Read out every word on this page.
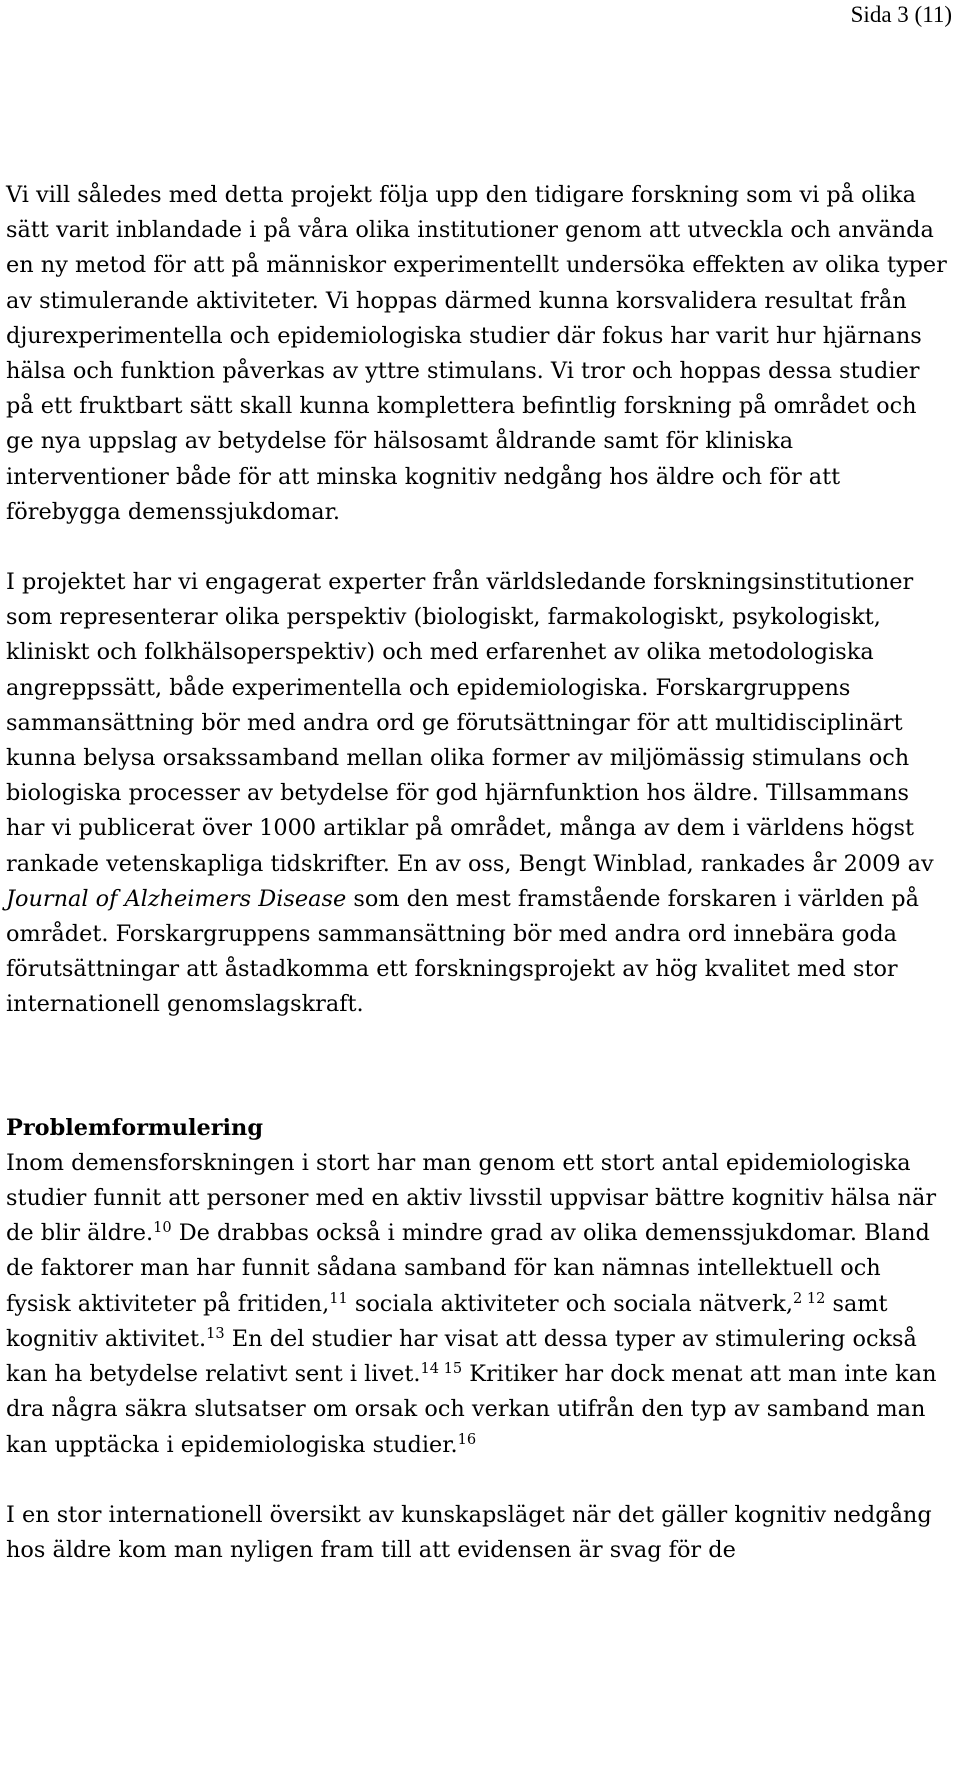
Sida 3 (11)

Vi vill således med detta projekt följa upp den tidigare forskning som vi på olika sätt varit inblandade i på våra olika institutioner genom att utveckla och använda en ny metod för att på människor experimentellt undersöka effekten av olika typer av stimulerande aktiviteter. Vi hoppas därmed kunna korsvalidera resultat från djurexperimentella och epidemiologiska studier där fokus har varit hur hjärnans hälsa och funktion påverkas av yttre stimulans. Vi tror och hoppas dessa studier på ett fruktbart sätt skall kunna komplettera befintlig forskning på området och ge nya uppslag av betydelse för hälsosamt åldrande samt för kliniska interventioner både för att minska kognitiv nedgång hos äldre och för att förebygga demenssjukdomar.

I projektet har vi engagerat experter från världsledande forskningsinstitutioner som representerar olika perspektiv (biologiskt, farmakologiskt, psykologiskt, kliniskt och folkhälsoperspektiv) och med erfarenhet av olika metodologiska angreppssätt, både experimentella och epidemiologiska. Forskargruppens sammansättning bör med andra ord ge förutsättningar för att multidisciplinärt kunna belysa orsakssamband mellan olika former av miljömässig stimulans och biologiska processer av betydelse för god hjärnfunktion hos äldre. Tillsammans har vi publicerat över 1000 artiklar på området, många av dem i världens högst rankade vetenskapliga tidskrifter. En av oss, Bengt Winblad, rankades år 2009 av Journal of Alzheimers Disease som den mest framstående forskaren i världen på området. Forskargruppens sammansättning bör med andra ord innebära goda förutsättningar att åstadkomma ett forskningsprojekt av hög kvalitet med stor internationell genomslagskraft.

Problemformulering

Inom demensforskningen i stort har man genom ett stort antal epidemiologiska studier funnit att personer med en aktiv livsstil uppvisar bättre kognitiv hälsa när de blir äldre.$^{10}$ De drabbas också i mindre grad av olika demenssjukdomar. Bland de faktorer man har funnit sådana samband för kan nämnas intellektuell och fysisk aktiviteter på fritiden,$^{11}$ sociala aktiviteter och sociala nätverk,$^{2 12}$ samt kognitiv aktivitet.$^{13}$ En del studier har visat att dessa typer av stimulering också kan ha betydelse relativt sent i livet.$^{14 15}$ Kritiker har dock menat att man inte kan dra några säkra slutsatser om orsak och verkan utifrån den typ av samband man kan upptäcka i epidemiologiska studier.$^{16}$

I en stor internationell översikt av kunskapsläget när det gäller kognitiv nedgång hos äldre kom man nyligen fram till att evidensen är svag för de
